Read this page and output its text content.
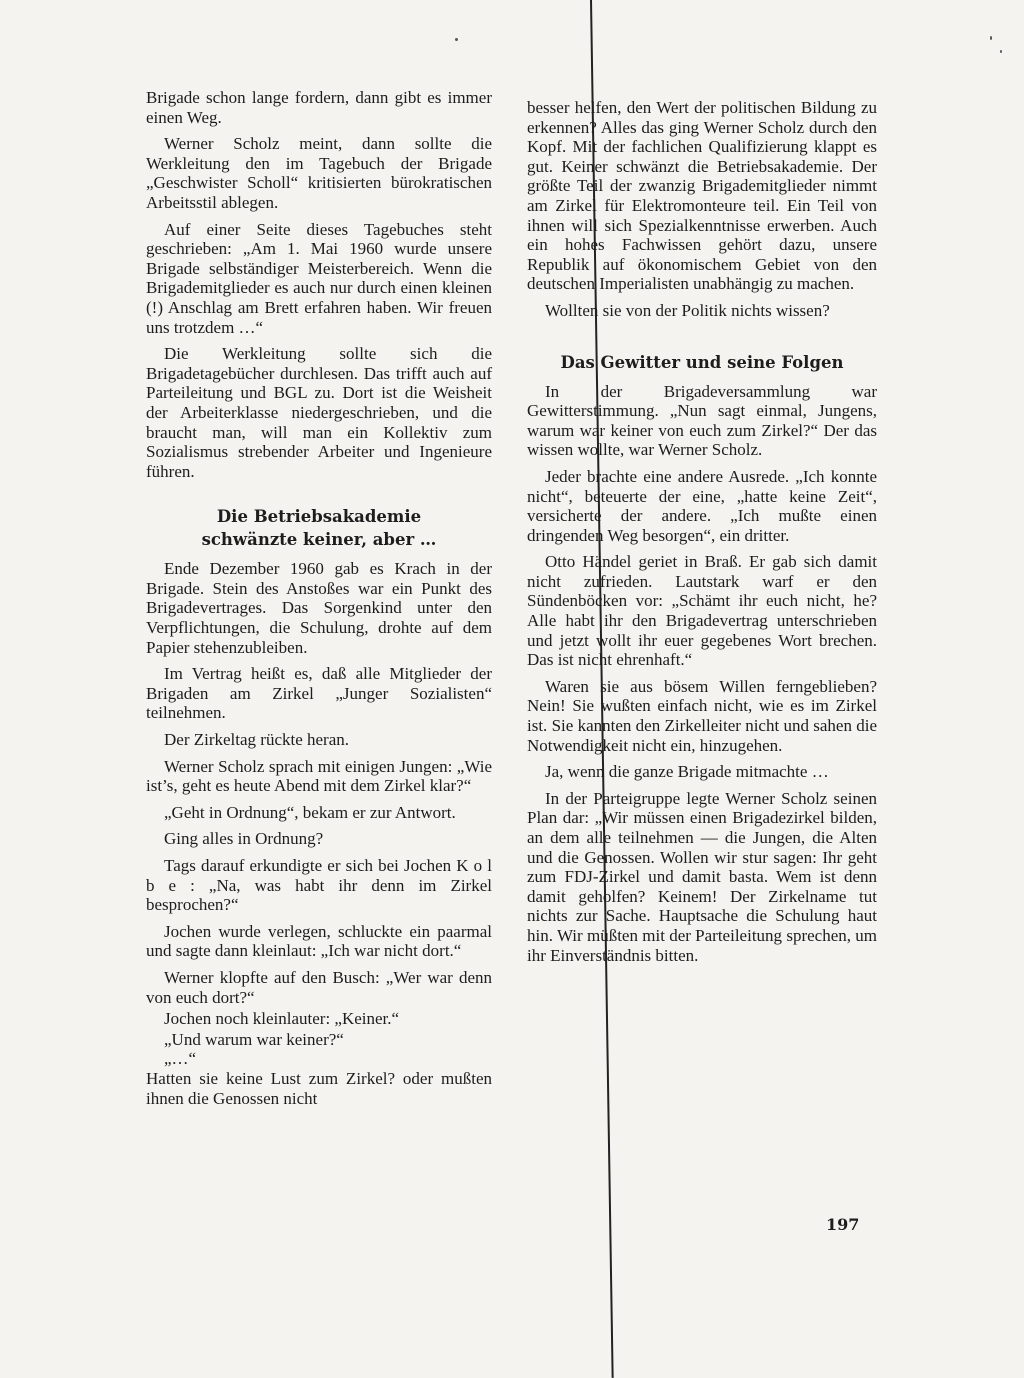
Brigade schon lange fordern, dann gibt es immer einen Weg.

Werner Scholz meint, dann sollte die Werkleitung den im Tagebuch der Brigade „Geschwister Scholl“ kritisierten bürokratischen Arbeitsstil ablegen.

Auf einer Seite dieses Tagebuches steht geschrieben: „Am 1. Mai 1960 wurde unsere Brigade selbständiger Meisterbereich. Wenn die Brigademitglieder es auch nur durch einen kleinen (!) Anschlag am Brett erfahren haben. Wir freuen uns trotzdem …“

Die Werkleitung sollte sich die Brigadetagebücher durchlesen. Das trifft auch auf Parteileitung und BGL zu. Dort ist die Weisheit der Arbeiterklasse niedergeschrieben, und die braucht man, will man ein Kollektiv zum Sozialismus strebender Arbeiter und Ingenieure führen.

Die Betriebsakademie
schwänzte keiner, aber …

Ende Dezember 1960 gab es Krach in der Brigade. Stein des Anstoßes war ein Punkt des Brigadevertrages. Das Sorgenkind unter den Verpflichtungen, die Schulung, drohte auf dem Papier stehenzubleiben.

Im Vertrag heißt es, daß alle Mitglieder der Brigaden am Zirkel „Junger Sozialisten“ teilnehmen.

Der Zirkeltag rückte heran.

Werner Scholz sprach mit einigen Jungen: „Wie ist’s, geht es heute Abend mit dem Zirkel klar?“

„Geht in Ordnung“, bekam er zur Antwort.

Ging alles in Ordnung?

Tags darauf erkundigte er sich bei Jochen K o l b e : „Na, was habt ihr denn im Zirkel besprochen?“

Jochen wurde verlegen, schluckte ein paarmal und sagte dann kleinlaut: „Ich war nicht dort.“

Werner klopfte auf den Busch: „Wer war denn von euch dort?“

Jochen noch kleinlauter: „Keiner.“

„Und warum war keiner?“

„…“

Hatten sie keine Lust zum Zirkel? oder mußten ihnen die Genossen nicht

besser helfen, den Wert der politischen Bildung zu erkennen? Alles das ging Werner Scholz durch den Kopf. Mit der fachlichen Qualifizierung klappt es gut. Keiner schwänzt die Betriebsakademie. Der größte Teil der zwanzig Brigademitglieder nimmt am Zirkel für Elektromonteure teil. Ein Teil von ihnen will sich Spezialkenntnisse erwerben. Auch ein hohes Fachwissen gehört dazu, unsere Republik auf ökonomischem Gebiet von den deutschen Imperialisten unabhängig zu machen.

Wollten sie von der Politik nichts wissen?

Das Gewitter und seine Folgen

In der Brigadeversammlung war Gewitterstimmung. „Nun sagt einmal, Jungens, warum war keiner von euch zum Zirkel?“ Der das wissen wollte, war Werner Scholz.

Jeder brachte eine andere Ausrede. „Ich konnte nicht“, beteuerte der eine, „hatte keine Zeit“, versicherte der andere. „Ich mußte einen dringenden Weg besorgen“, ein dritter.

Otto Händel geriet in Braß. Er gab sich damit nicht zufrieden. Lautstark warf er den Sündenböcken vor: „Schämt ihr euch nicht, he? Alle habt ihr den Brigadevertrag unterschrieben und jetzt wollt ihr euer gegebenes Wort brechen. Das ist nicht ehrenhaft.“

Waren sie aus bösem Willen ferngeblieben? Nein! Sie wußten einfach nicht, wie es im Zirkel ist. Sie kannten den Zirkelleiter nicht und sahen die Notwendigkeit nicht ein, hinzugehen.

Ja, wenn die ganze Brigade mitmachte …

In der Parteigruppe legte Werner Scholz seinen Plan dar: „Wir müssen einen Brigadezirkel bilden, an dem alle teilnehmen — die Jungen, die Alten und die Genossen. Wollen wir stur sagen: Ihr geht zum FDJ-Zirkel und damit basta. Wem ist denn damit geholfen? Keinem! Der Zirkelname tut nichts zur Sache. Hauptsache die Schulung haut hin. Wir müßten mit der Parteileitung sprechen, um ihr Einverständnis bitten.

197
